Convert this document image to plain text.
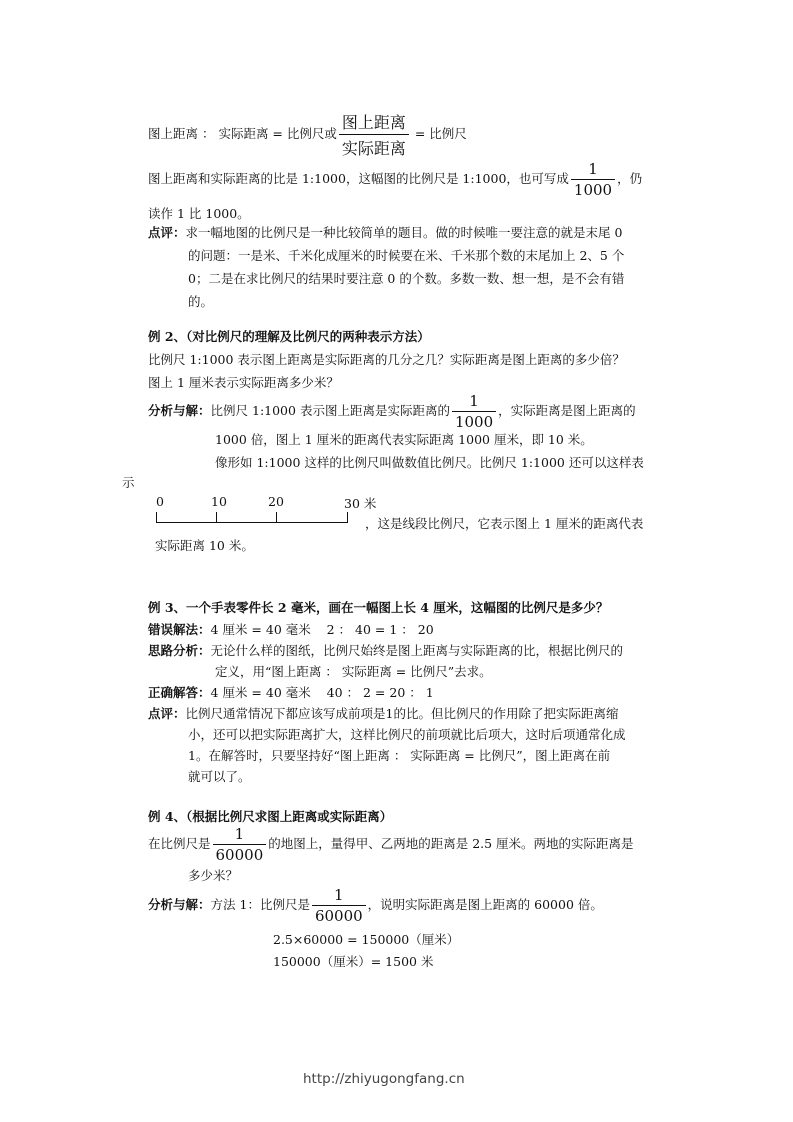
图上距离 ： 实际距离 = 比例尺或 $\frac{\text{图上距离}}{\text{实际距离}}$ = 比例尺
图上距离和实际距离的比是 1:1000，这幅图的比例尺是 1:1000，也可写成 $\frac{1}{1000}$ ，仍
读作 1 比 1000。
点评：求一幅地图的比例尺是一种比较简单的题目。做的时候唯一要注意的就是末尾 0
的问题：一是米、千米化成厘米的时候要在米、千米那个数的末尾加上 2、5 个
0；二是在求比例尺的结果时要注意 0 的个数。多数一数、想一想，是不会有错
的。
例 2、（对比例尺的理解及比例尺的两种表示方法）
比例尺 1:1000 表示图上距离是实际距离的几分之几？实际距离是图上距离的多少倍？
图上 1 厘米表示实际距离多少米？
分析与解：比例尺 1:1000 表示图上距离是实际距离的 $\frac{1}{1000}$ ，实际距离是图上距离的
1000 倍，图上 1 厘米的距离代表实际距离 1000 厘米，即 10 米。
像形如 1:1000 这样的比例尺叫做数值比例尺。比例尺 1:1000 还可以这样表
示
0	10	20	30 米
，这是线段比例尺，它表示图上 1 厘米的距离代表
实际距离 10 米。
例 3、一个手表零件长 2 毫米，画在一幅图上长 4 厘米，这幅图的比例尺是多少？
错误解法：4 厘米 = 40 毫米    2 ： 40 = 1 ： 20
思路分析：无论什么样的图纸，比例尺始终是图上距离与实际距离的比，根据比例尺的
定义，用“图上距离 ： 实际距离 = 比例尺”去求。
正确解答：4 厘米 = 40 毫米    40 ： 2 = 20 ： 1
点评：比例尺通常情况下都应该写成前项是1的比。但比例尺的作用除了把实际距离缩
小，还可以把实际距离扩大，这样比例尺的前项就比后项大，这时后项通常化成
1。在解答时，只要坚持好“图上距离 ： 实际距离 = 比例尺”，图上距离在前
就可以了。
例 4、（根据比例尺求图上距离或实际距离）
在比例尺是 $\frac{1}{60000}$ 的地图上，量得甲、乙两地的距离是 2.5 厘米。两地的实际距离是
多少米？
分析与解：方法 1：比例尺是 $\frac{1}{60000}$ ，说明实际距离是图上距离的 60000 倍。
2.5×60000 = 150000（厘米）
150000（厘米）= 1500 米
http://zhiyugongfang.cn
